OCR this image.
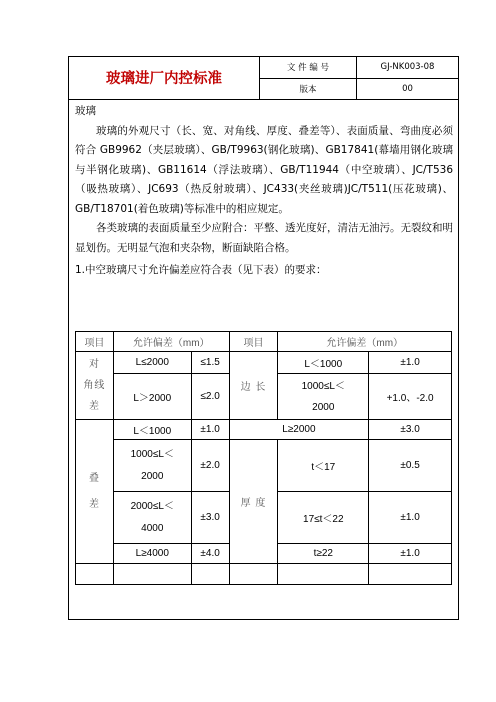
玻璃进厂内控标准	文 件 编 号	GJ-NK003-08
	版本	00

玻璃

玻璃的外观尺寸（长、宽、对角线、厚度、叠差等）、表面质量、弯曲度必须符合 GB9962（夹层玻璃）、GB/T9963(钢化玻璃)、GB17841(幕墙用钢化玻璃与半钢化玻璃)、GB11614（浮法玻璃）、GB/T11944（中空玻璃）、JC/T536（吸热玻璃）、JC693（热反射玻璃）、JC433(夹丝玻璃)JC/T511(压花玻璃)、GB/T18701(着色玻璃)等标准中的相应规定。

各类玻璃的表面质量至少应附合：平整、透光度好，清洁无油污。无裂纹和明显划伤。无明显气泡和夹杂物，断面缺陷合格。

1.中空玻璃尺寸允许偏差应符合表（见下表）的要求：

项目	允许偏差（mm）		项目	允许偏差（mm）	

对
角线
差	L≤2000	≤1.5	边 长	L＜1000	±1.0
	L＞2000	≤2.0		1000≤L＜
2000	+1.0、-2.0

叠
差	L＜1000	±1.0	L≥2000		±3.0

	1000≤L＜
2000	±2.0	厚 度	t＜17	±0.5

	2000≤L＜
4000	±3.0		17≤t＜22	±1.0
	L≥4000	±4.0		t≥22	±1.0
